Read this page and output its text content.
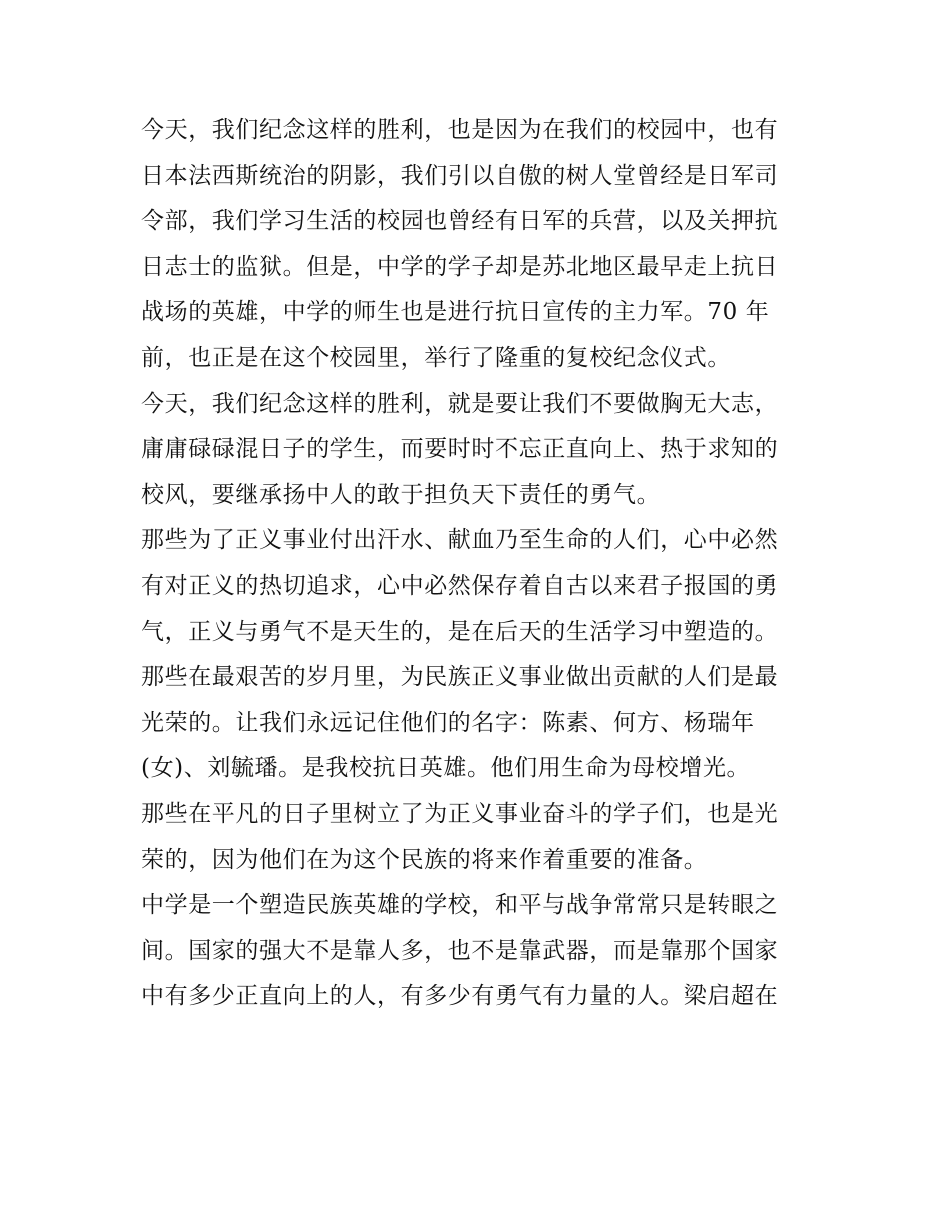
今天，我们纪念这样的胜利，也是因为在我们的校园中，也有
日本法西斯统治的阴影，我们引以自傲的树人堂曾经是日军司
令部，我们学习生活的校园也曾经有日军的兵营，以及关押抗
日志士的监狱。但是，中学的学子却是苏北地区最早走上抗日
战场的英雄，中学的师生也是进行抗日宣传的主力军。70 年
前，也正是在这个校园里，举行了隆重的复校纪念仪式。
今天，我们纪念这样的胜利，就是要让我们不要做胸无大志，
庸庸碌碌混日子的学生，而要时时不忘正直向上、热于求知的
校风，要继承扬中人的敢于担负天下责任的勇气。
那些为了正义事业付出汗水、献血乃至生命的人们，心中必然
有对正义的热切追求，心中必然保存着自古以来君子报国的勇
气，正义与勇气不是天生的，是在后天的生活学习中塑造的。
那些在最艰苦的岁月里，为民族正义事业做出贡献的人们是最
光荣的。让我们永远记住他们的名字：陈素、何方、杨瑞年
(女)、刘毓璠。是我校抗日英雄。他们用生命为母校增光。
那些在平凡的日子里树立了为正义事业奋斗的学子们，也是光
荣的，因为他们在为这个民族的将来作着重要的准备。
中学是一个塑造民族英雄的学校，和平与战争常常只是转眼之
间。国家的强大不是靠人多，也不是靠武器，而是靠那个国家
中有多少正直向上的人，有多少有勇气有力量的人。梁启超在
